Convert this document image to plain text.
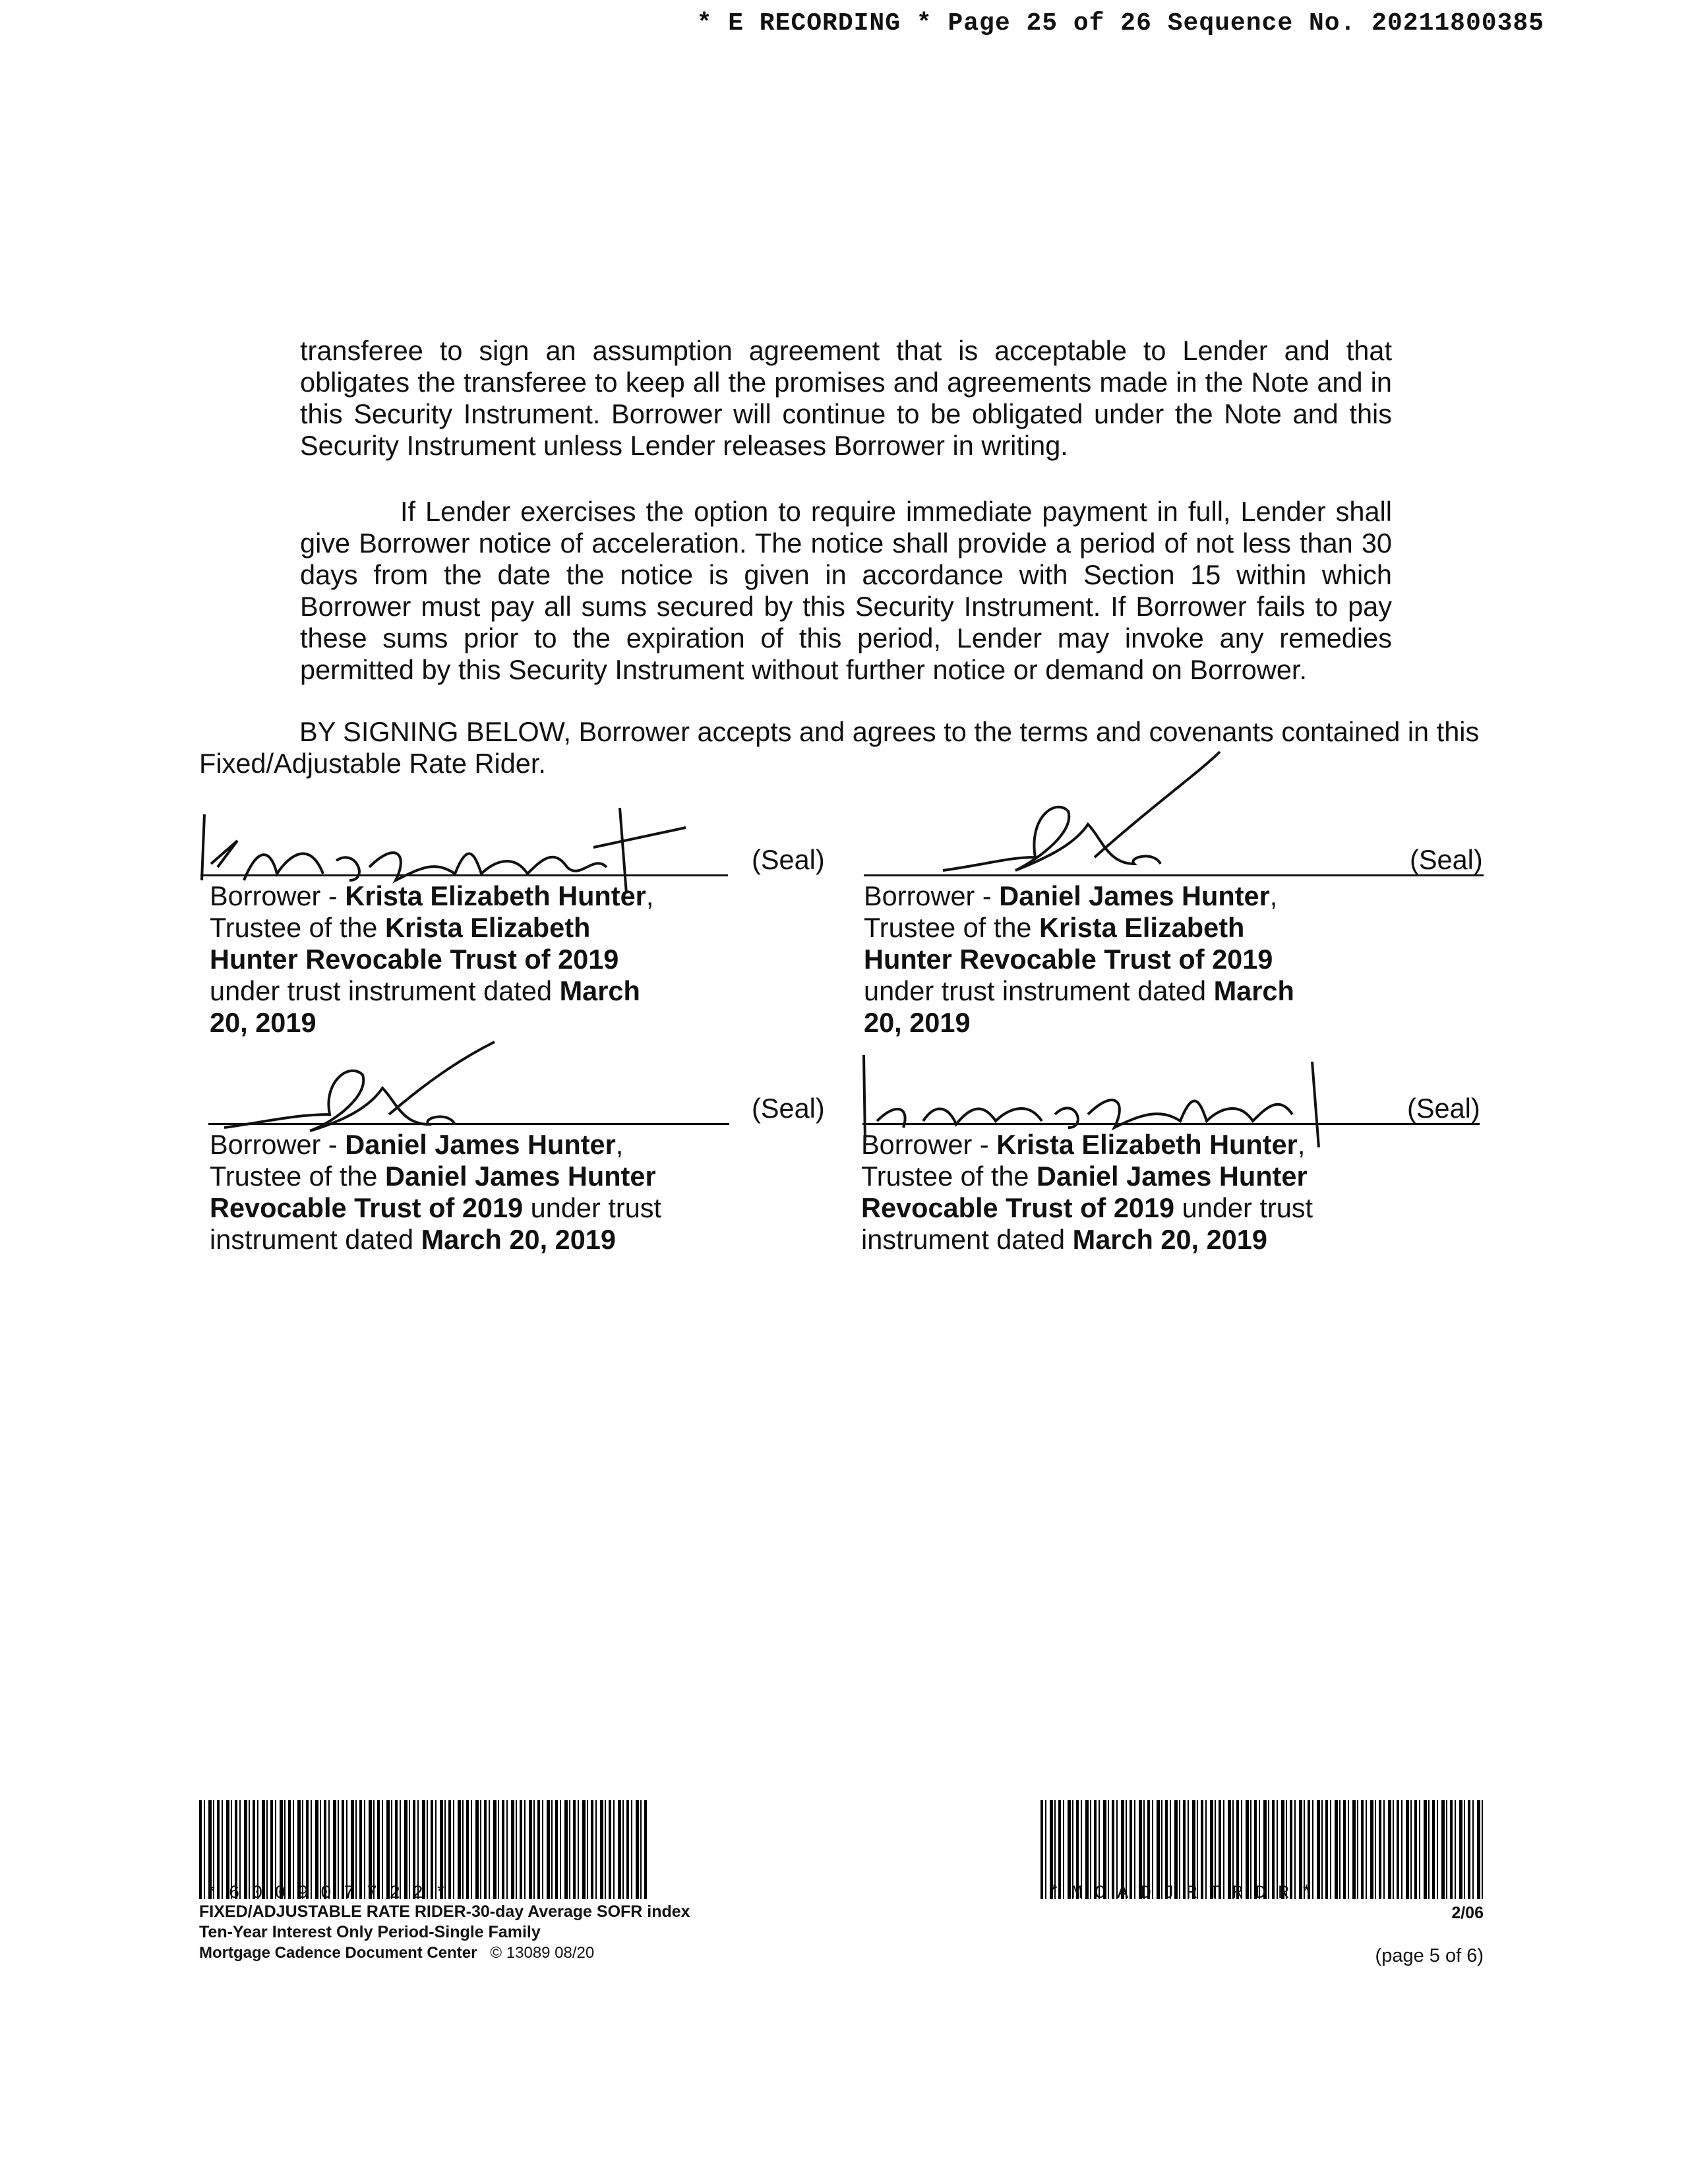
* E RECORDING * Page 25 of 26 Sequence No. 20211800385
transferee to sign an assumption agreement that is acceptable to Lender and that obligates the transferee to keep all the promises and agreements made in the Note and in this Security Instrument. Borrower will continue to be obligated under the Note and this Security Instrument unless Lender releases Borrower in writing.
If Lender exercises the option to require immediate payment in full, Lender shall give Borrower notice of acceleration. The notice shall provide a period of not less than 30 days from the date the notice is given in accordance with Section 15 within which Borrower must pay all sums secured by this Security Instrument. If Borrower fails to pay these sums prior to the expiration of this period, Lender may invoke any remedies permitted by this Security Instrument without further notice or demand on Borrower.
BY SIGNING BELOW, Borrower accepts and agrees to the terms and covenants contained in this Fixed/Adjustable Rate Rider.
(Seal)
Borrower - Krista Elizabeth Hunter, Trustee of the Krista Elizabeth Hunter Revocable Trust of 2019 under trust instrument dated March 20, 2019
(Seal)
Borrower - Daniel James Hunter, Trustee of the Krista Elizabeth Hunter Revocable Trust of 2019 under trust instrument dated March 20, 2019
(Seal)
Borrower - Daniel James Hunter, Trustee of the Daniel James Hunter Revocable Trust of 2019 under trust instrument dated March 20, 2019
(Seal)
Borrower - Krista Elizabeth Hunter, Trustee of the Daniel James Hunter Revocable Trust of 2019 under trust instrument dated March 20, 2019
*600907722*	*MCADJRTRDR*
FIXED/ADJUSTABLE RATE RIDER-30-day Average SOFR index
Ten-Year Interest Only Period-Single Family
Mortgage Cadence Document Center © 13089 08/20
2/06
(page 5 of 6)
